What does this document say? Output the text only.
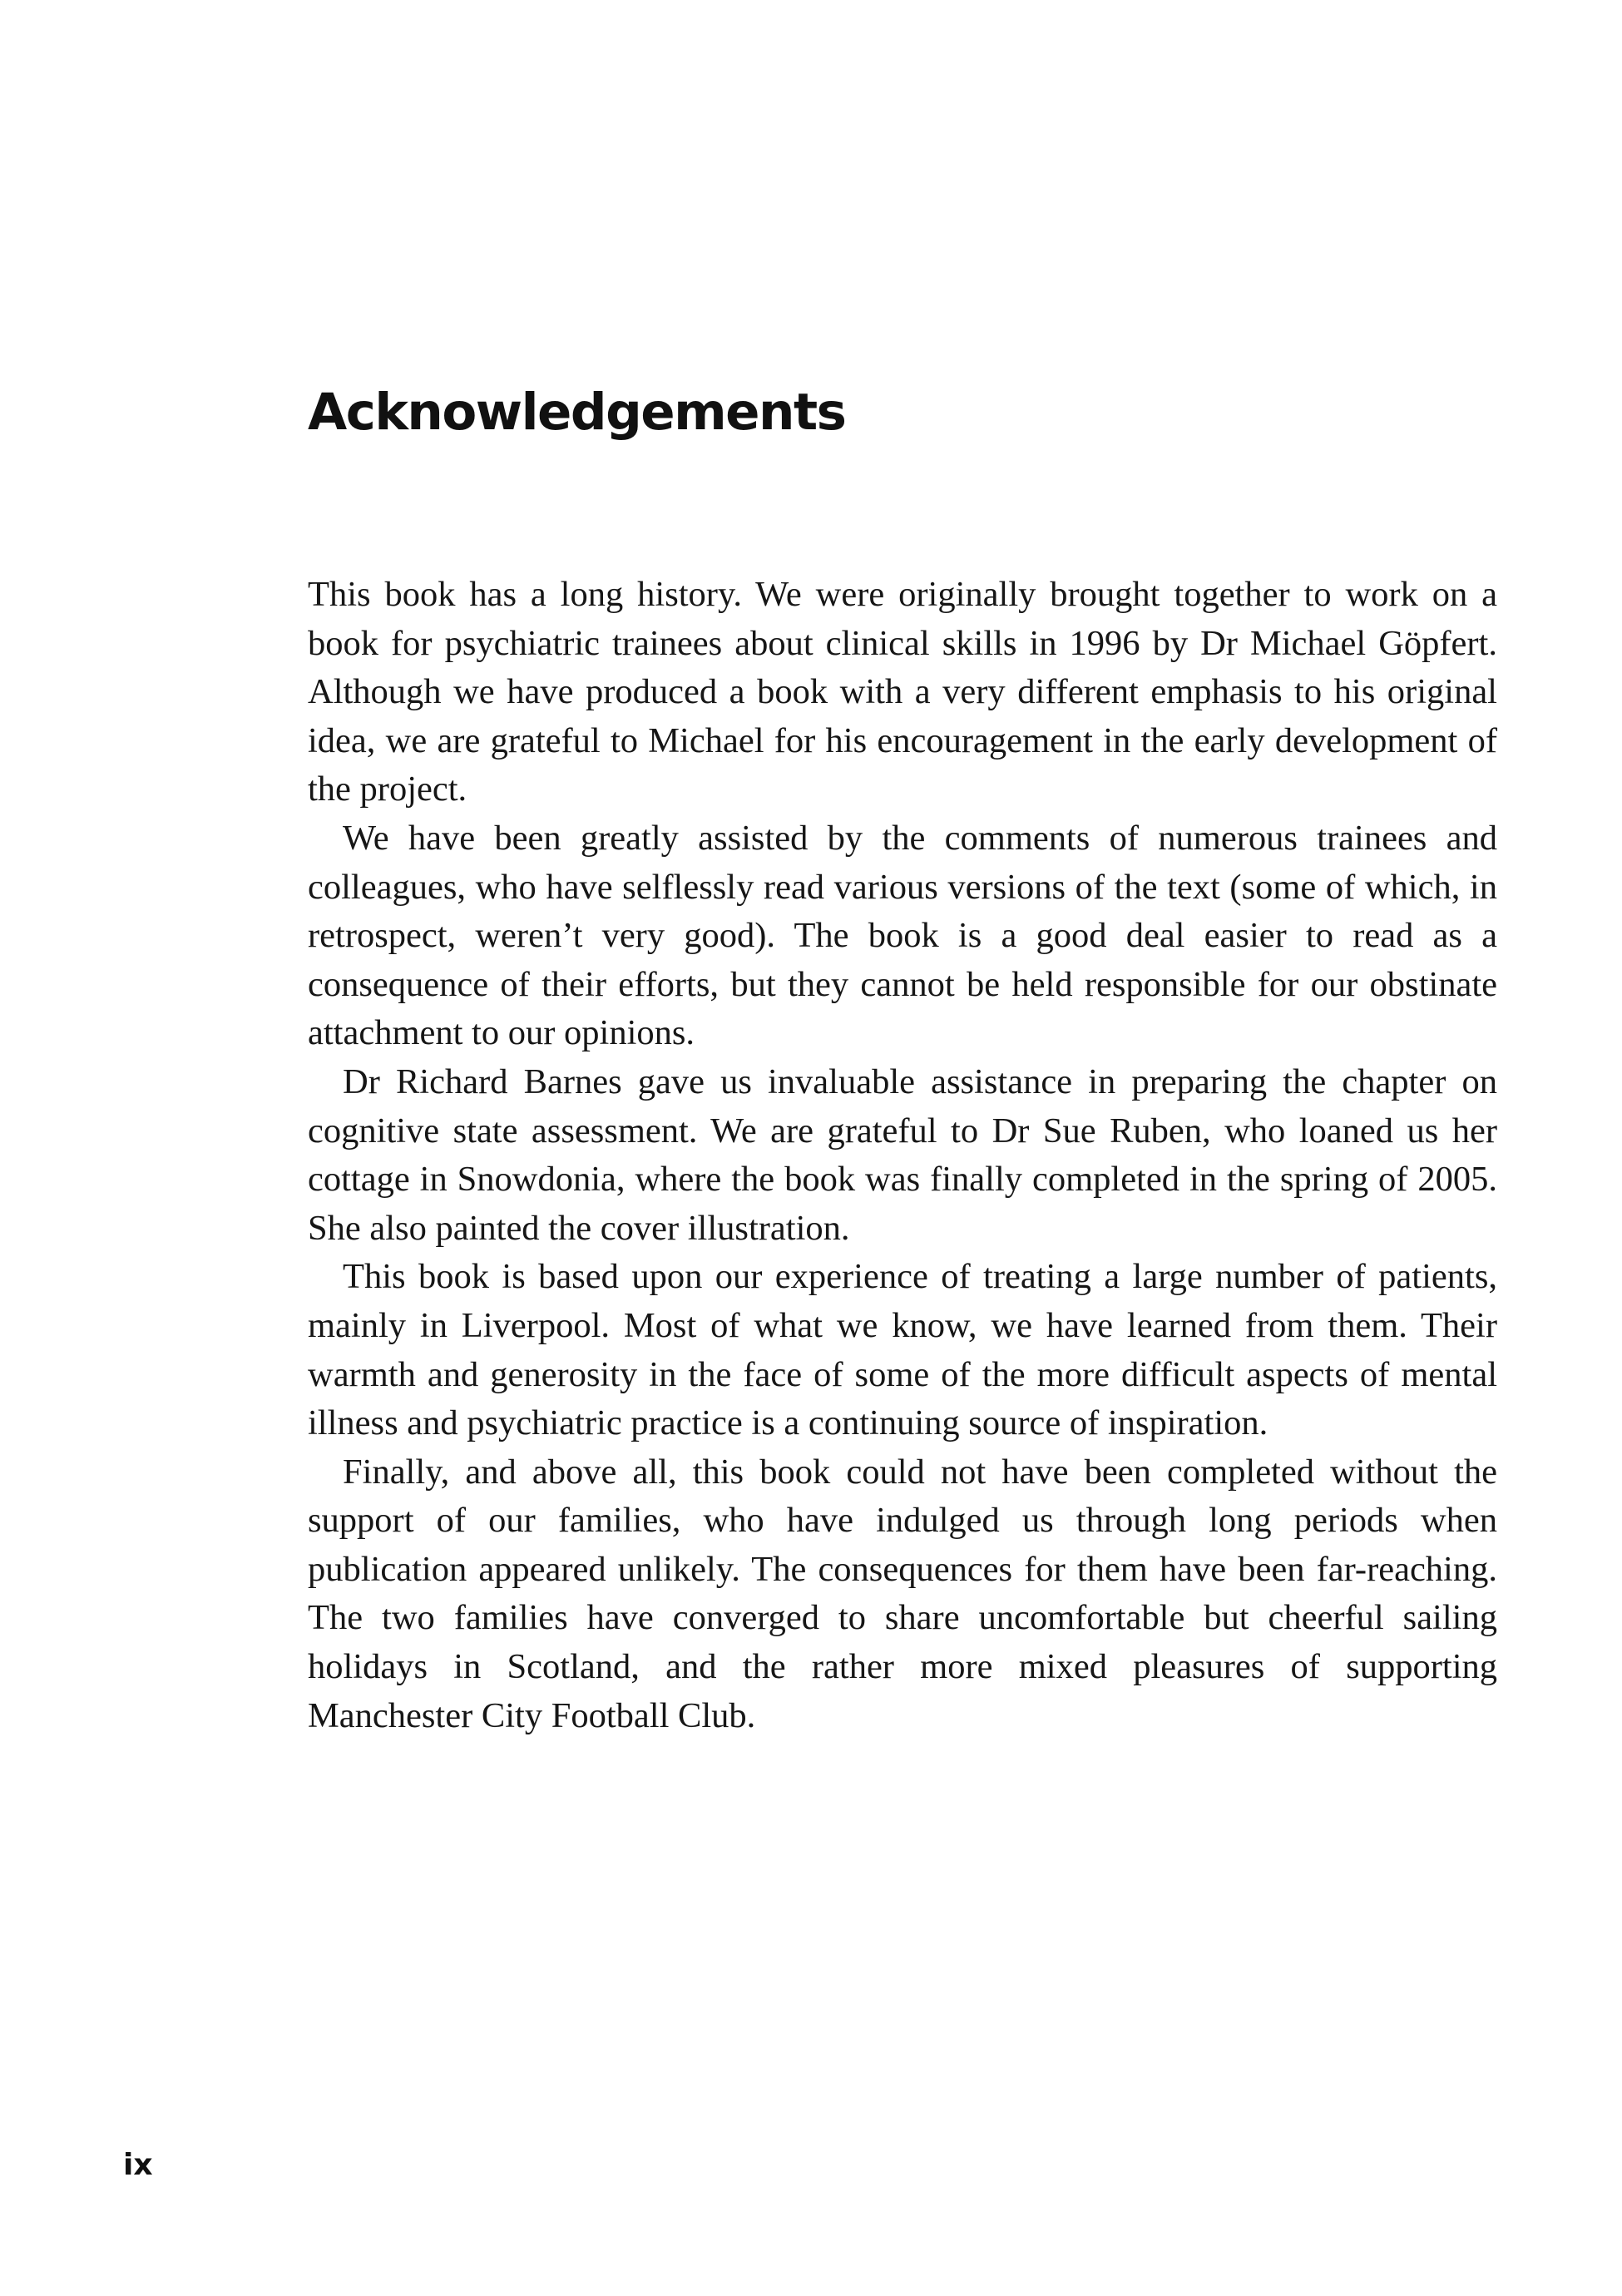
Acknowledgements

This book has a long history. We were originally brought together to work on a book for psychiatric trainees about clinical skills in 1996 by Dr Michael Göpfert. Although we have produced a book with a very different emphasis to his original idea, we are grateful to Michael for his encouragement in the early development of the project.

We have been greatly assisted by the comments of numerous trainees and colleagues, who have selflessly read various versions of the text (some of which, in retrospect, weren’t very good). The book is a good deal easier to read as a consequence of their efforts, but they cannot be held responsible for our obstinate attachment to our opinions.

Dr Richard Barnes gave us invaluable assistance in preparing the chapter on cognitive state assessment. We are grateful to Dr Sue Ruben, who loaned us her cottage in Snowdonia, where the book was finally completed in the spring of 2005. She also painted the cover illustration.

This book is based upon our experience of treating a large number of patients, mainly in Liverpool. Most of what we know, we have learned from them. Their warmth and generosity in the face of some of the more difficult aspects of mental illness and psychiatric practice is a continuing source of inspiration.

Finally, and above all, this book could not have been completed without the support of our families, who have indulged us through long periods when publication appeared unlikely. The consequences for them have been far-reaching. The two families have converged to share uncomfortable but cheerful sailing holidays in Scotland, and the rather more mixed pleasures of supporting Manchester City Football Club.

ix
